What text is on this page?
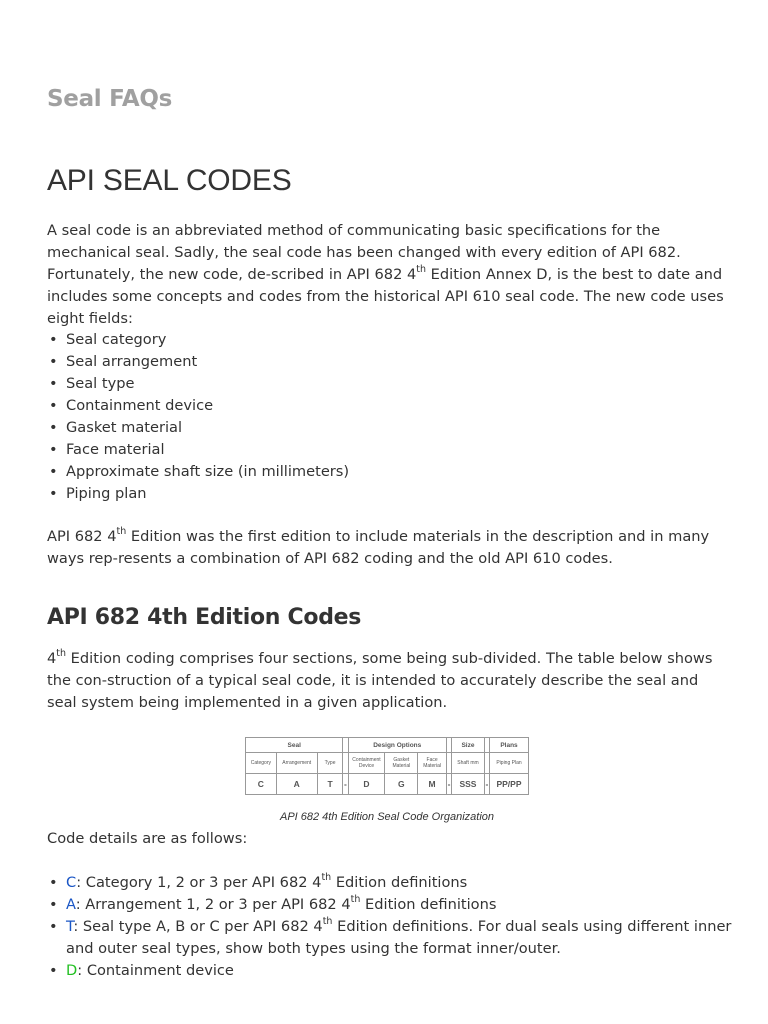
Seal FAQs
API SEAL CODES

A seal code is an abbreviated method of communicating basic specifications for the mechanical seal. Sadly, the seal code has been changed with every edition of API 682. Fortunately, the new code, de-scribed in API 682 4th Edition Annex D, is the best to date and includes some concepts and codes from the historical API 610 seal code. The new code uses eight fields:

• Seal category
• Seal arrangement
• Seal type
• Containment device
• Gasket material
• Face material
• Approximate shaft size (in millimeters)
• Piping plan

API 682 4th Edition was the first edition to include materials in the description and in many ways rep-resents a combination of API 682 coding and the old API 610 codes.

API 682 4th Edition Codes

4th Edition coding comprises four sections, some being sub-divided. The table below shows the con-struction of a typical seal code, it is intended to accurately describe the seal and seal system being implemented in a given application.

Seal				Design Options				Size		Plans
Category	Arrangement	Type		Containment Device	Gasket Material	Face Material		Shaft mm		Piping Plan
C	A	T	-	D	G	M	-	SSS	-	PP/PP
API 682 4th Edition Seal Code Organization

Code details are as follows:

• C: Category 1, 2 or 3 per API 682 4th Edition definitions
• A: Arrangement 1, 2 or 3 per API 682 4th Edition definitions
• T: Seal type A, B or C per API 682 4th Edition definitions. For dual seals using different inner and outer seal types, show both types using the format inner/outer.
• D: Containment device
